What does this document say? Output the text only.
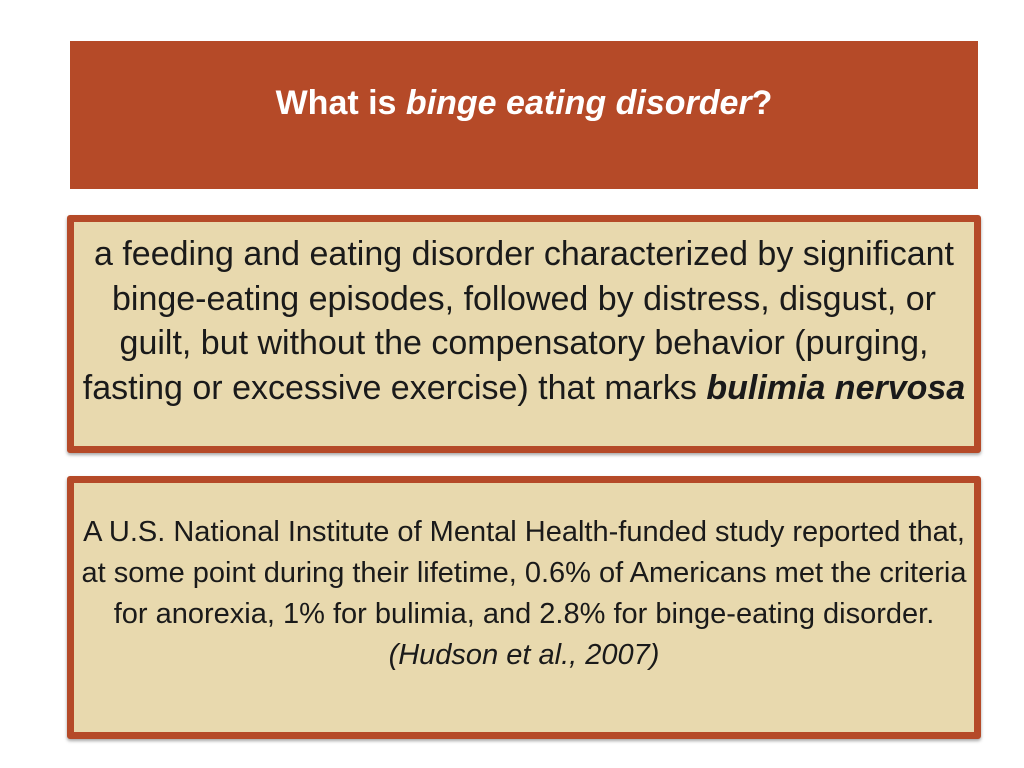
What is binge eating disorder?
a feeding and eating disorder characterized by significant binge-eating episodes, followed by distress, disgust, or guilt, but without the compensatory behavior (purging, fasting or excessive exercise) that marks bulimia nervosa
A U.S. National Institute of Mental Health-funded study reported that, at some point during their lifetime, 0.6% of Americans met the criteria for anorexia, 1% for bulimia, and 2.8% for binge-eating disorder.
(Hudson et al., 2007)
